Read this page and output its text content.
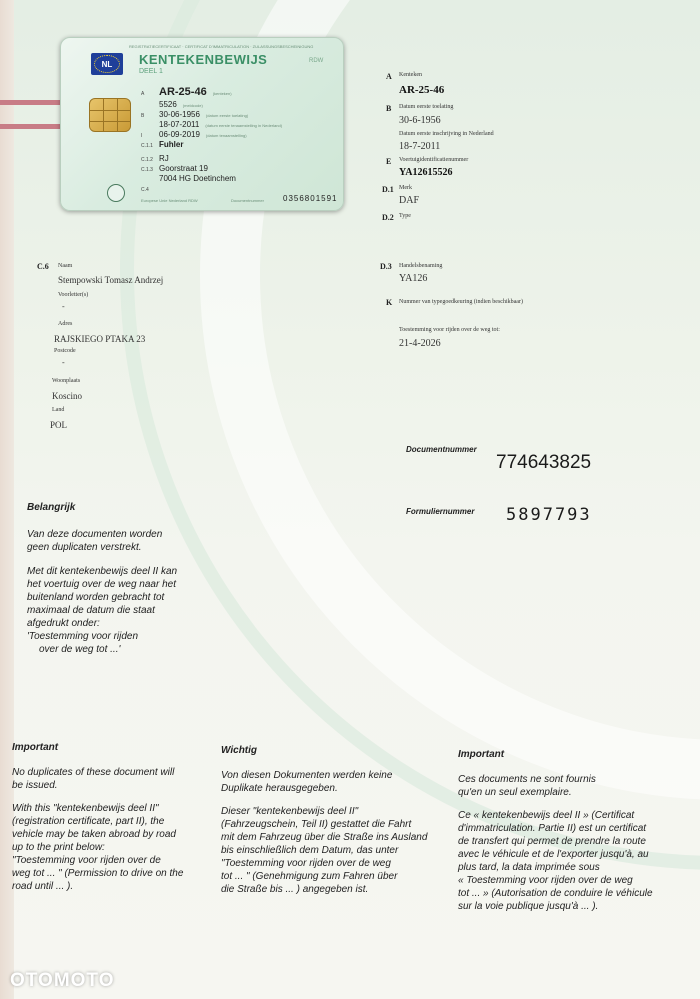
REGISTRATIECERTIFICAAT · CERTIFICAT D'IMMATRICULATION · ZULASSUNGSBESCHEINIGUNG
NL KENTEKENBEWIJS
DEEL 1
RDW
A AR-25-46 (kenteken)
5526 (meldcode)
B 30-06-1956 (datum eerste toelating)
18-07-2011 (datum eerste tenaamstelling in Nederland)
I 06-09-2019 (datum tenaamstelling)
C.1.1 Fuhler
C.1.2 RJ
C.1.3 Goorstraat 19
7004 HG Doetinchem
C.4
Europese Unie Nederland RDW	Documentnummer 0356801591
A Kenteken
AR-25-46
B Datum eerste toelating
30-6-1956
Datum eerste inschrijving in Nederland
18-7-2011
E Voertuigidentificatienummer
YA12615526
D.1 Merk
DAF
D.2 Type
D.3 Handelsbenaming
YA126
K Nummer van typegoedkeuring (indien beschikbaar)
Toestemming voor rijden over de weg tot:
21-4-2026
C.6 Naam
Stempowski Tomasz Andrzej
Voorletter(s)
-
Adres
RAJSKIEGO PTAKA 23
Postcode
-
Woonplaats
Koscino
Land
POL
Documentnummer
774643825
Formuliernummer 5897793
Belangrijk
Van deze documenten worden
geen duplicaten verstrekt.
Met dit kentekenbewijs deel II kan
het voertuig over de weg naar het
buitenland worden gebracht tot
maximaal de datum die staat
afgedrukt onder:
'Toestemming voor rijden
over de weg tot ...'
Important
No duplicates of these document will
be issued.
With this "kentekenbewijs deel II"
(registration certificate, part II), the
vehicle may be taken abroad by road
up to the print below:
"Toestemming voor rijden over de
weg tot ... " (Permission to drive on the
road until ... ).
Wichtig
Von diesen Dokumenten werden keine
Duplikate herausgegeben.
Dieser "kentekenbewijs deel II"
(Fahrzeugschein, Teil II) gestattet die Fahrt
mit dem Fahrzeug über die Straße ins Ausland
bis einschließlich dem Datum, das unter
"Toestemming voor rijden over de weg
tot ... " (Genehmigung zum Fahren über
die Straße bis ... ) angegeben ist.
Important
Ces documents ne sont fournis
qu'en un seul exemplaire.
Ce « kentekenbewijs deel II » (Certificat
d'immatriculation. Partie II) est un certificat
de transfert qui permet de prendre la route
avec le véhicule et de l'exporter jusqu'à, au
plus tard, la data imprimée sous
« Toestemming voor rijden over de weg
tot ... » (Autorisation de conduire le véhicule
sur la voie publique jusqu'à ... ).
OTOMOTO
